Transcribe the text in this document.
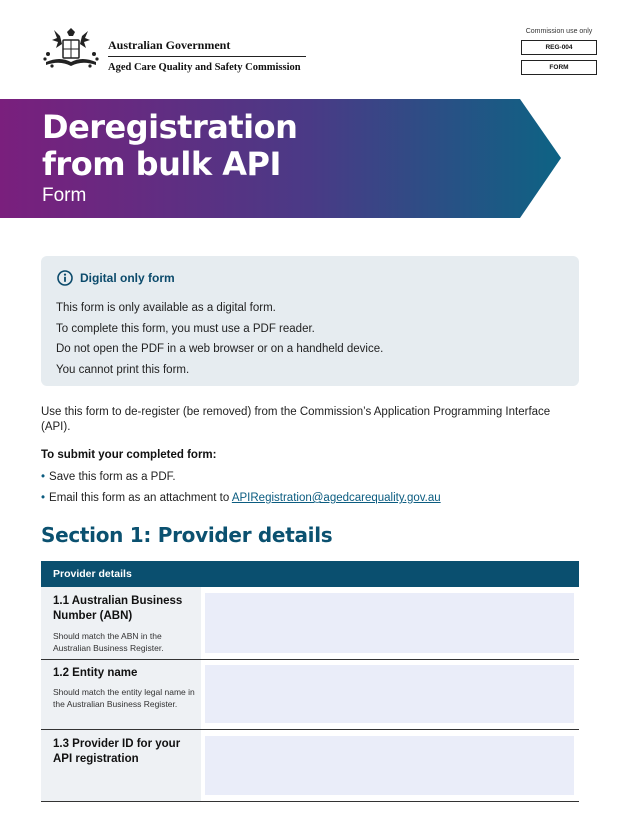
Australian Government
Aged Care Quality and Safety Commission
Commission use only
REG-004
FORM
Deregistration
from bulk API
Form
Digital only form
This form is only available as a digital form.
To complete this form, you must use a PDF reader.
Do not open the PDF in a web browser or on a handheld device.
You cannot print this form.
Use this form to de-register (be removed) from the Commission’s Application Programming Interface (API).
To submit your completed form:
• Save this form as a PDF.
• Email this form as an attachment to APIRegistration@agedcarequality.gov.au
Section 1: Provider details
Provider details
1.1 Australian Business Number (ABN)
Should match the ABN in the Australian Business Register.
1.2 Entity name
Should match the entity legal name in the Australian Business Register.
1.3 Provider ID for your API registration
